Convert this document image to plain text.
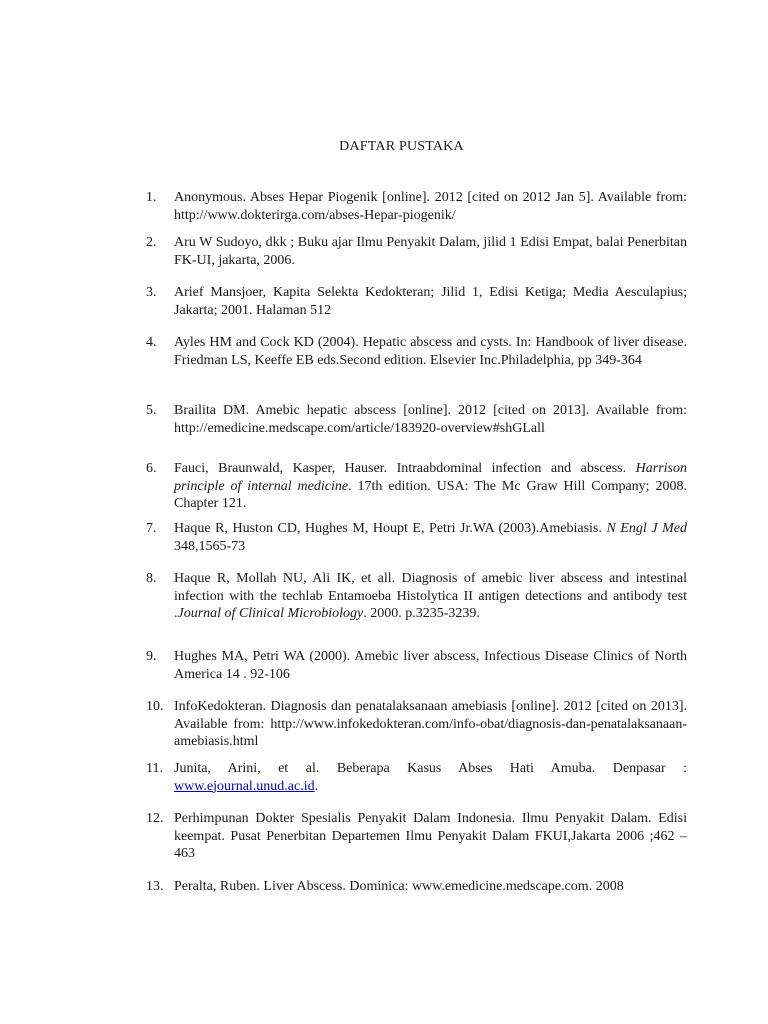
DAFTAR PUSTAKA
1. Anonymous. Abses Hepar Piogenik [online]. 2012 [cited on 2012 Jan 5]. Available from: http://www.dokterirga.com/abses-Hepar-piogenik/
2. Aru W Sudoyo, dkk ; Buku ajar Ilmu Penyakit Dalam, jilid 1 Edisi Empat, balai Penerbitan FK-UI, jakarta, 2006.
3. Arief Mansjoer, Kapita Selekta Kedokteran; Jilid 1, Edisi Ketiga; Media Aesculapius; Jakarta; 2001. Halaman 512
4. Ayles HM and Cock KD (2004). Hepatic abscess and cysts. In: Handbook of liver disease. Friedman LS, Keeffe EB eds.Second edition. Elsevier Inc.Philadelphia, pp 349-364
5. Brailita DM. Amebic hepatic abscess [online]. 2012 [cited on 2013]. Available from: http://emedicine.medscape.com/article/183920-overview#shGLall
6. Fauci, Braunwald, Kasper, Hauser. Intraabdominal infection and abscess. Harrison principle of internal medicine. 17th edition. USA: The Mc Graw Hill Company; 2008. Chapter 121.
7. Haque R, Huston CD, Hughes M, Houpt E, Petri Jr.WA (2003).Amebiasis. N Engl J Med 348,1565-73
8. Haque R, Mollah NU, Ali IK, et all. Diagnosis of amebic liver abscess and intestinal infection with the techlab Entamoeba Histolytica II antigen detections and antibody test .Journal of Clinical Microbiology. 2000. p.3235-3239.
9. Hughes MA, Petri WA (2000). Amebic liver abscess, Infectious Disease Clinics of North America 14 . 92-106
10. InfoKedokteran. Diagnosis dan penatalaksanaan amebiasis [online]. 2012 [cited on 2013]. Available from: http://www.infokedokteran.com/info-obat/diagnosis-dan-penatalaksanaan-amebiasis.html
11. Junita, Arini, et al. Beberapa Kasus Abses Hati Amuba. Denpasar : www.ejournal.unud.ac.id.
12. Perhimpunan Dokter Spesialis Penyakit Dalam Indonesia. Ilmu Penyakit Dalam. Edisi keempat. Pusat Penerbitan Departemen Ilmu Penyakit Dalam FKUI,Jakarta 2006 ;462 – 463
13. Peralta, Ruben. Liver Abscess. Dominica: www.emedicine.medscape.com. 2008
